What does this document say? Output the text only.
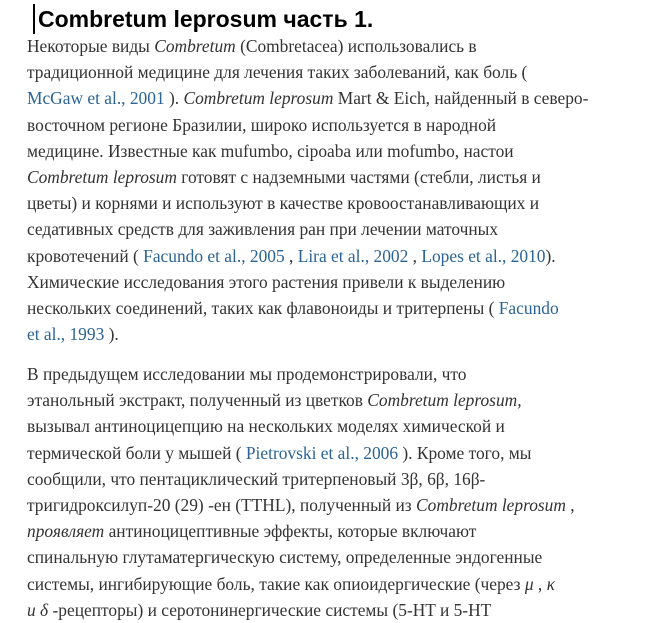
Combretum leprosum часть 1.
Некоторые виды Combretum (Combretacea) использовались в
традиционной медицине для лечения таких заболеваний, как боль (
McGaw et al., 2001 ). Combretum leprosum Mart & Eich, найденный в северо-
восточном регионе Бразилии, широко используется в народной
медицине. Известные как mufumbo, cipoaba или mofumbo, настои
Combretum leprosum готовят с надземными частями (стебли, листья и
цветы) и корнями и используют в качестве кровоостанавливающих и
седативных средств для заживления ран при лечении маточных
кровотечений ( Facundo et al., 2005 , Lira et al., 2002 , Lopes et al., 2010).
Химические исследования этого растения привели к выделению
нескольких соединений, таких как флавоноиды и тритерпены ( Facundo
et al., 1993 ).
В предыдущем исследовании мы продемонстрировали, что
этанольный экстракт, полученный из цветков Combretum leprosum,
вызывал антиноцицепцию на нескольких моделях химической и
термической боли у мышей ( Pietrovski et al., 2006 ). Кроме того, мы
сообщили, что пентациклический тритерпеновый 3β, 6β, 16β-
тригидроксилуп-20 (29) -ен (TTHL), полученный из Combretum leprosum ,
проявляет антиноцицептивные эффекты, которые включают
спинальную глутаматергическую систему, определенные эндогенные
системы, ингибирующие боль, такие как опиоидергические (через μ , κ
и δ -рецепторы) и серотонинергические системы (5-HT и 5-HT
